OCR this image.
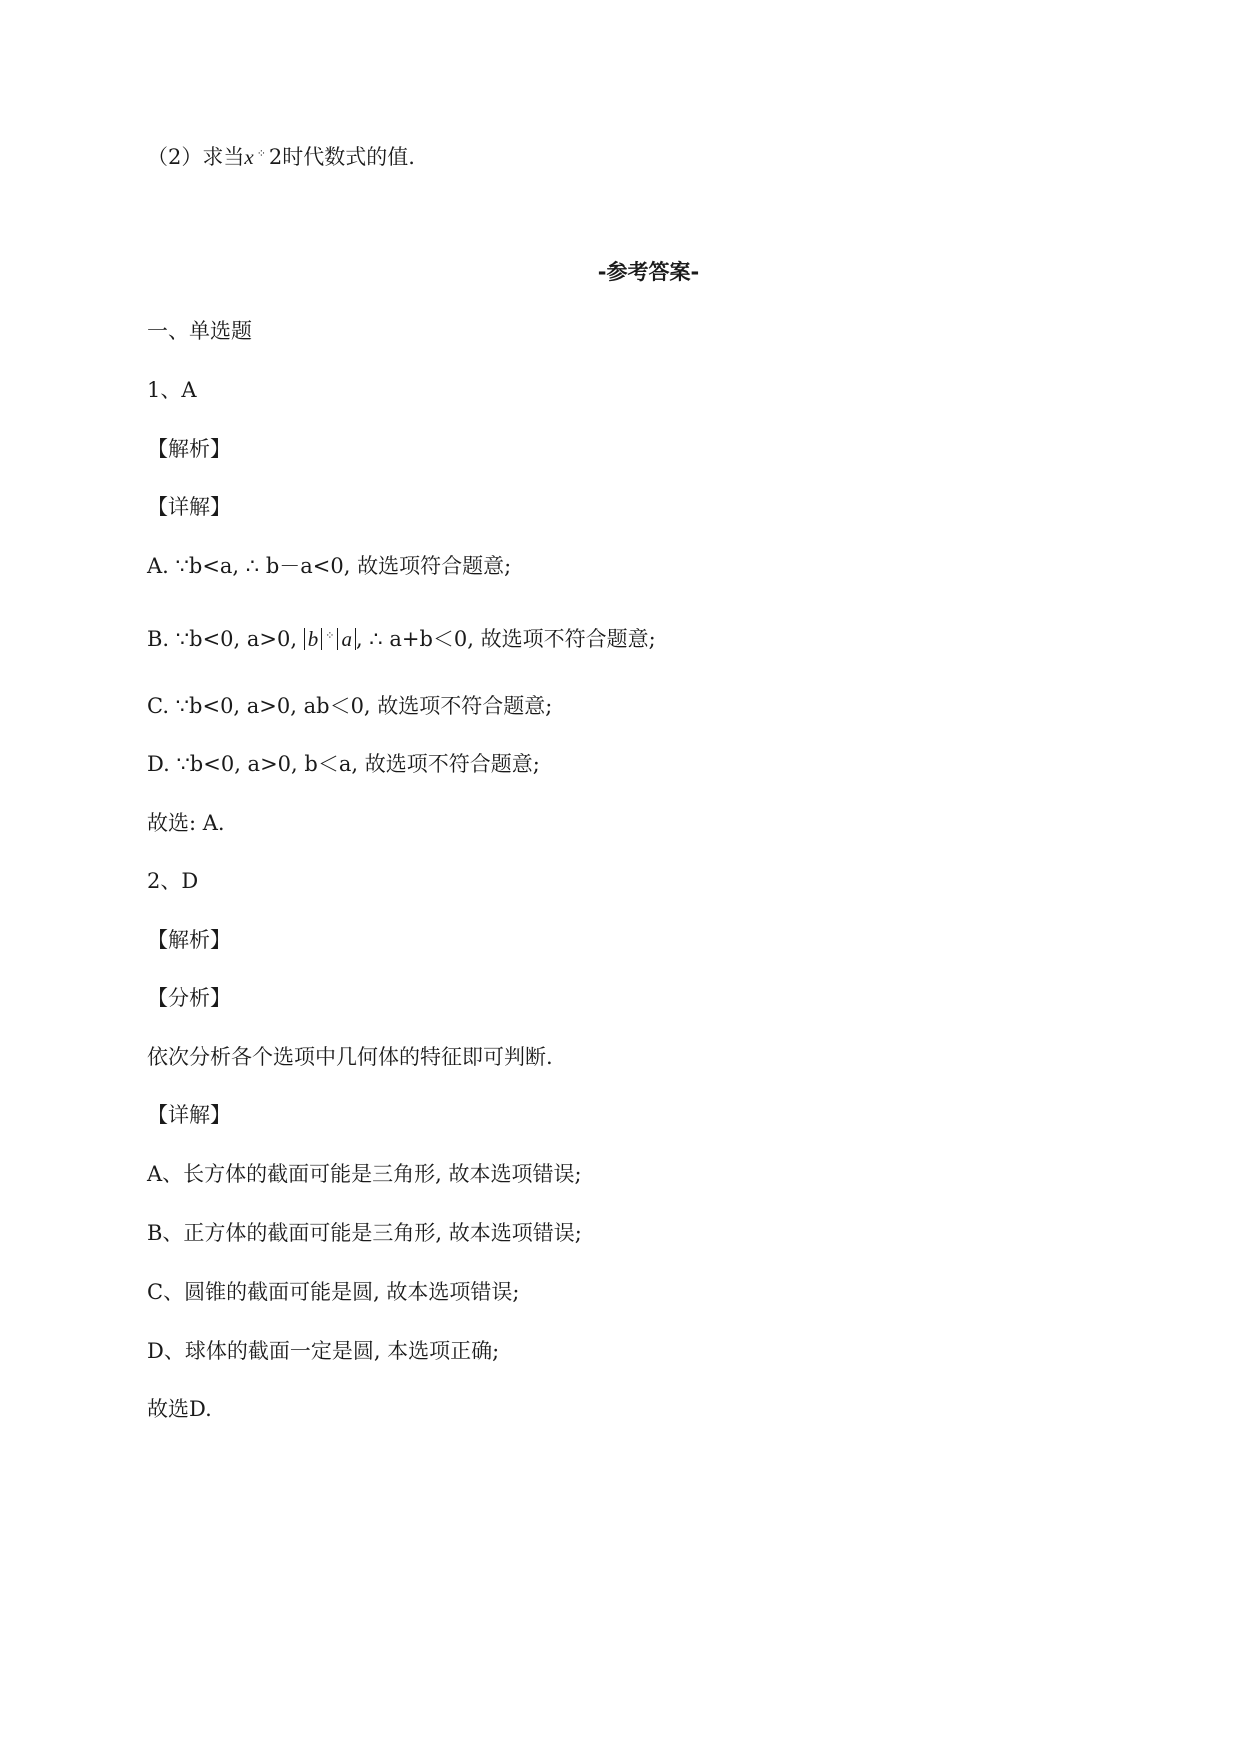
（2）求当x ⁘ 2时代数式的值.
-参考答案-
一、单选题
1、A
【解析】
【详解】
A. ∵b<a, ∴ b－a<0, 故选项符合题意;
B. ∵b<0, a>0, b ⁘ a , ∴ a+b＜0, 故选项不符合题意;
C. ∵b<0, a>0, ab＜0, 故选项不符合题意;
D. ∵b<0, a>0, b＜a, 故选项不符合题意;
故选: A.
2、D
【解析】
【分析】
依次分析各个选项中几何体的特征即可判断.
【详解】
A、长方体的截面可能是三角形, 故本选项错误;
B、正方体的截面可能是三角形, 故本选项错误;
C、圆锥的截面可能是圆, 故本选项错误;
D、球体的截面一定是圆, 本选项正确;
故选D.
